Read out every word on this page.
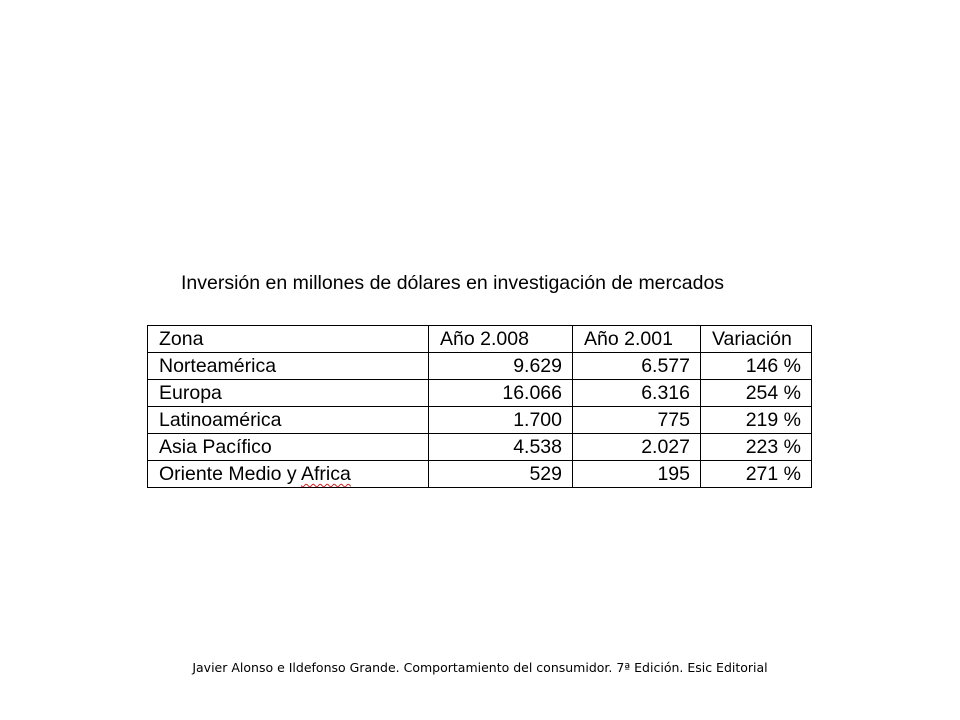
Inversión en millones de dólares en investigación de mercados
Zona	Año 2.008	Año 2.001	Variación
Norteamérica	9.629	6.577	146 %
Europa	16.066	6.316	254 %
Latinoamérica	1.700	775	219 %
Asia Pacífico	4.538	2.027	223 %
Oriente Medio y Africa	529	195	271 %

Javier Alonso e Ildefonso Grande. Comportamiento del consumidor. 7ª Edición. Esic Editorial
